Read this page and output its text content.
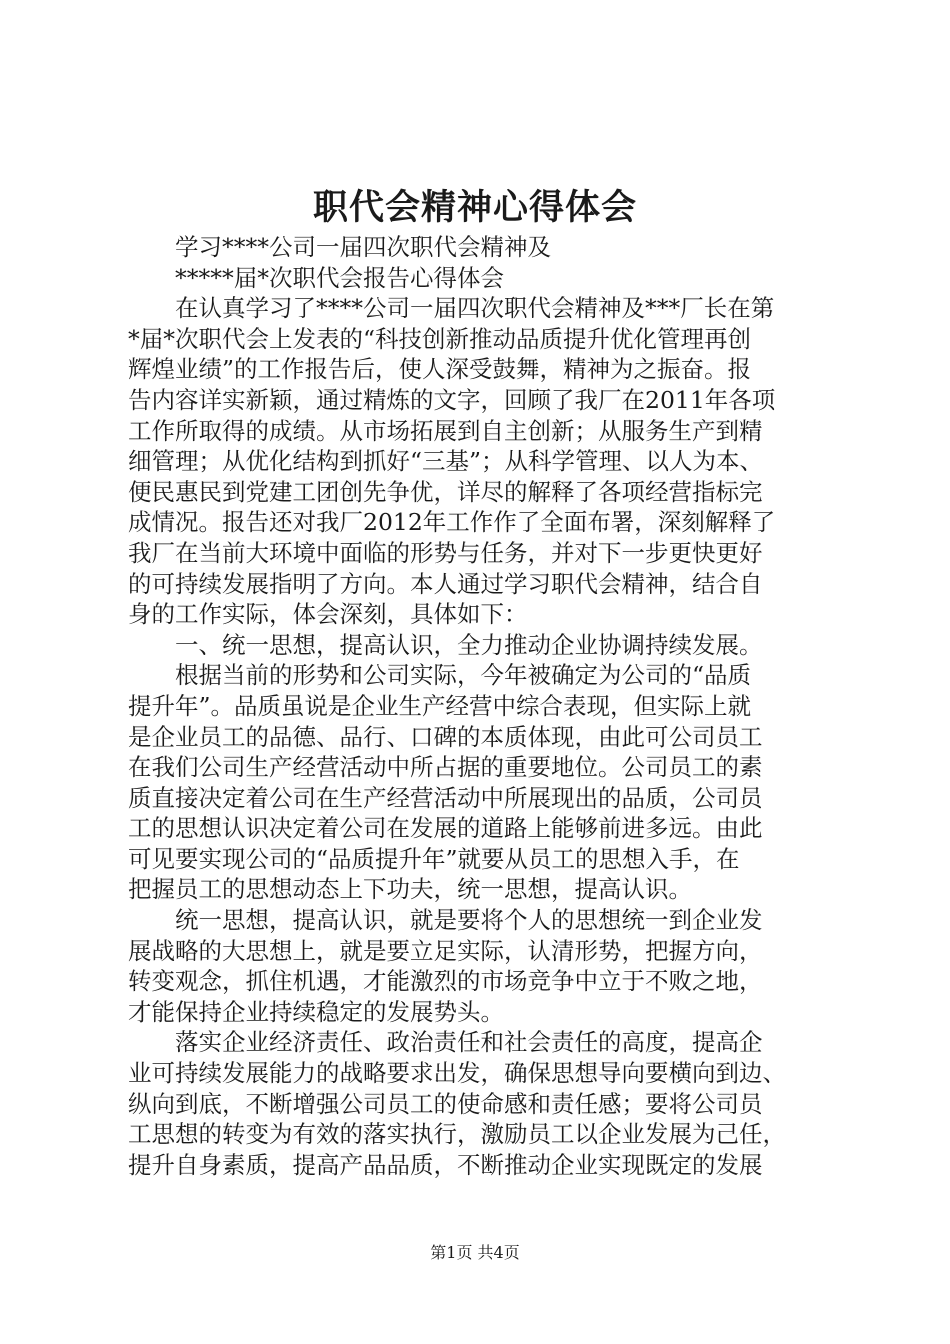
职代会精神心得体会
　　学习****公司一届四次职代会精神及
　　*****届*次职代会报告心得体会
　　在认真学习了****公司一届四次职代会精神及***厂长在第
*届*次职代会上发表的“科技创新推动品质提升优化管理再创
辉煌业绩”的工作报告后，使人深受鼓舞，精神为之振奋。报
告内容详实新颖，通过精炼的文字，回顾了我厂在2011年各项
工作所取得的成绩。从市场拓展到自主创新；从服务生产到精
细管理；从优化结构到抓好“三基”；从科学管理、以人为本、
便民惠民到党建工团创先争优，详尽的解释了各项经营指标完
成情况。报告还对我厂2012年工作作了全面布署，深刻解释了
我厂在当前大环境中面临的形势与任务，并对下一步更快更好
的可持续发展指明了方向。本人通过学习职代会精神，结合自
身的工作实际，体会深刻，具体如下：
　　一、统一思想，提高认识，全力推动企业协调持续发展。
　　根据当前的形势和公司实际，今年被确定为公司的“品质
提升年”。品质虽说是企业生产经营中综合表现，但实际上就
是企业员工的品德、品行、口碑的本质体现，由此可公司员工
在我们公司生产经营活动中所占据的重要地位。公司员工的素
质直接决定着公司在生产经营活动中所展现出的品质，公司员
工的思想认识决定着公司在发展的道路上能够前进多远。由此
可见要实现公司的“品质提升年”就要从员工的思想入手，在
把握员工的思想动态上下功夫，统一思想，提高认识。
　　统一思想，提高认识，就是要将个人的思想统一到企业发
展战略的大思想上，就是要立足实际，认清形势，把握方向，
转变观念，抓住机遇，才能激烈的市场竞争中立于不败之地，
才能保持企业持续稳定的发展势头。
　　落实企业经济责任、政治责任和社会责任的高度，提高企
业可持续发展能力的战略要求出发，确保思想导向要横向到边、
纵向到底，不断增强公司员工的使命感和责任感；要将公司员
工思想的转变为有效的落实执行，激励员工以企业发展为己任，
提升自身素质，提高产品品质，不断推动企业实现既定的发展
第1页 共4页
